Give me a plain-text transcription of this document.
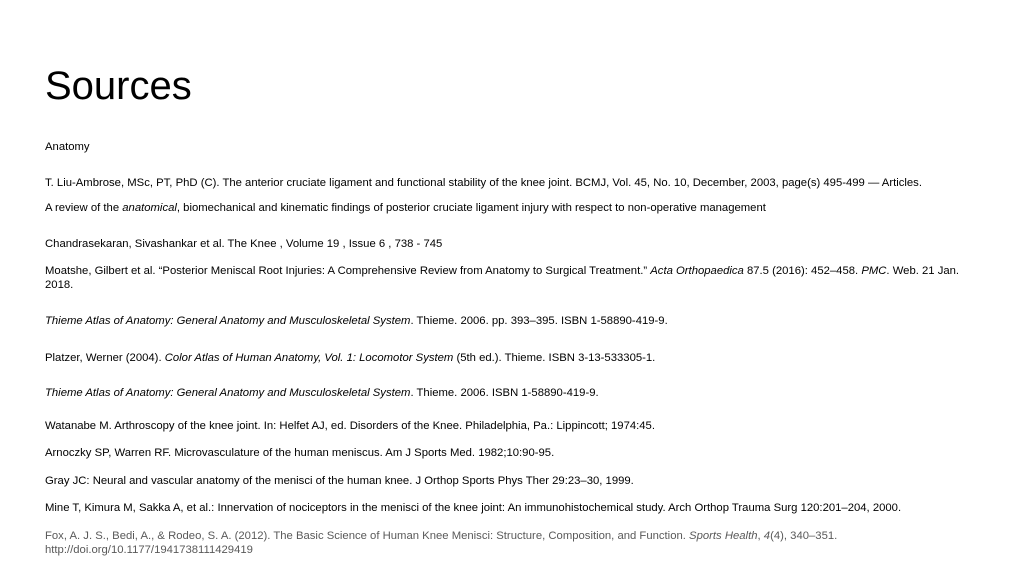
Sources
Anatomy
T. Liu-Ambrose, MSc, PT, PhD (C). The anterior cruciate ligament and functional stability of the knee joint. BCMJ, Vol. 45, No. 10, December, 2003, page(s) 495-499 — Articles.
A review of the anatomical, biomechanical and kinematic findings of posterior cruciate ligament injury with respect to non-operative management
Chandrasekaran, Sivashankar et al. The Knee , Volume 19 , Issue 6 , 738 - 745
Moatshe, Gilbert et al. “Posterior Meniscal Root Injuries: A Comprehensive Review from Anatomy to Surgical Treatment.” Acta Orthopaedica 87.5 (2016): 452–458. PMC. Web. 21 Jan. 2018.
Thieme Atlas of Anatomy: General Anatomy and Musculoskeletal System. Thieme. 2006. pp. 393–395. ISBN 1-58890-419-9.
Platzer, Werner (2004). Color Atlas of Human Anatomy, Vol. 1: Locomotor System (5th ed.). Thieme. ISBN 3-13-533305-1.
Thieme Atlas of Anatomy: General Anatomy and Musculoskeletal System. Thieme. 2006. ISBN 1-58890-419-9.
Watanabe M. Arthroscopy of the knee joint. In: Helfet AJ, ed. Disorders of the Knee. Philadelphia, Pa.: Lippincott; 1974:45.
Arnoczky SP, Warren RF. Microvasculature of the human meniscus. Am J Sports Med. 1982;10:90-95.
Gray JC: Neural and vascular anatomy of the menisci of the human knee. J Orthop Sports Phys Ther 29:23–30, 1999.
Mine T, Kimura M, Sakka A, et al.: Innervation of nociceptors in the menisci of the knee joint: An immunohistochemical study. Arch Orthop Trauma Surg 120:201–204, 2000.
Fox, A. J. S., Bedi, A., & Rodeo, S. A. (2012). The Basic Science of Human Knee Menisci: Structure, Composition, and Function. Sports Health, 4(4), 340–351.
http://doi.org/10.1177/1941738111429419
